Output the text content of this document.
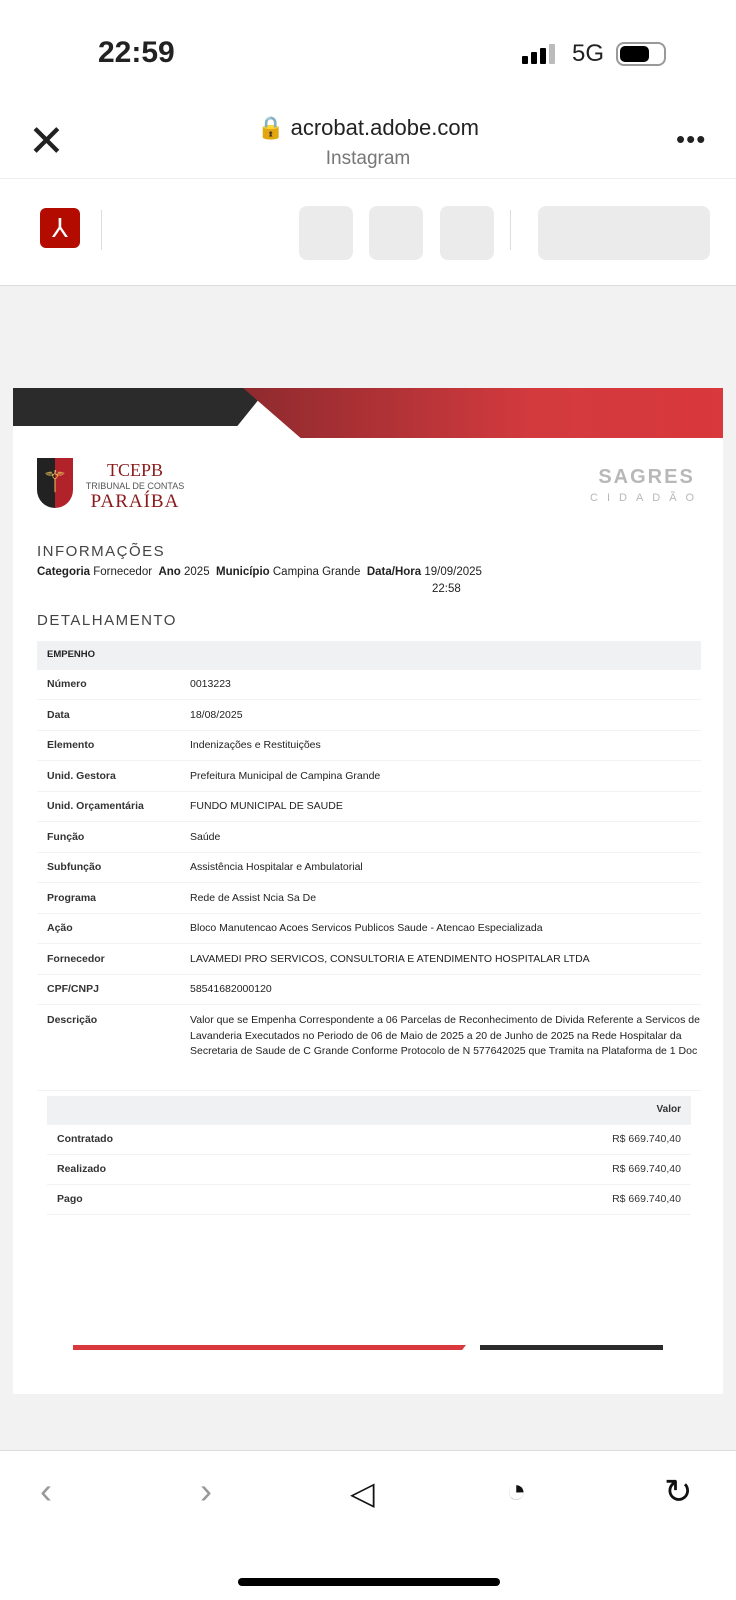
22:59	5G
✕	🔒 acrobat.adobe.com
Instagram
•••
⅄
⚚	TCEPB
TRIBUNAL DE CONTAS
PARAÍBA
SAGRES
CIDADÃO
INFORMAÇÕES
Categoria Fornecedor Ano 2025 Município Campina Grande Data/Hora 19/09/2025
22:58
DETALHAMENTO
EMPENHO	
Número	0013223
Data	18/08/2025
Elemento	Indenizações e Restituições
Unid. Gestora	Prefeitura Municipal de Campina Grande
Unid. Orçamentária	FUNDO MUNICIPAL DE SAUDE
Função	Saúde
Subfunção	Assistência Hospitalar e Ambulatorial
Programa	Rede de Assist Ncia Sa De
Ação	Bloco Manutencao Acoes Servicos Publicos Saude - Atencao Especializada
Fornecedor	LAVAMEDI PRO SERVICOS, CONSULTORIA E ATENDIMENTO HOSPITALAR LTDA
CPF/CNPJ	58541682000120
Descrição	Valor que se Empenha Correspondente a 06 Parcelas de Reconhecimento de Divida Referente a Servicos de Lavanderia Executados no Periodo de 06 de Maio de 2025 a 20 de Junho de 2025 na Rede Hospitalar da Secretaria de Saude de C Grande Conforme Protocolo de N 577642025 que Tramita na Plataforma de 1 Doc
	Valor
Contratado	R$ 669.740,40
Realizado	R$ 669.740,40
Pago	R$ 669.740,40
‹	›	◁	◔	↻
